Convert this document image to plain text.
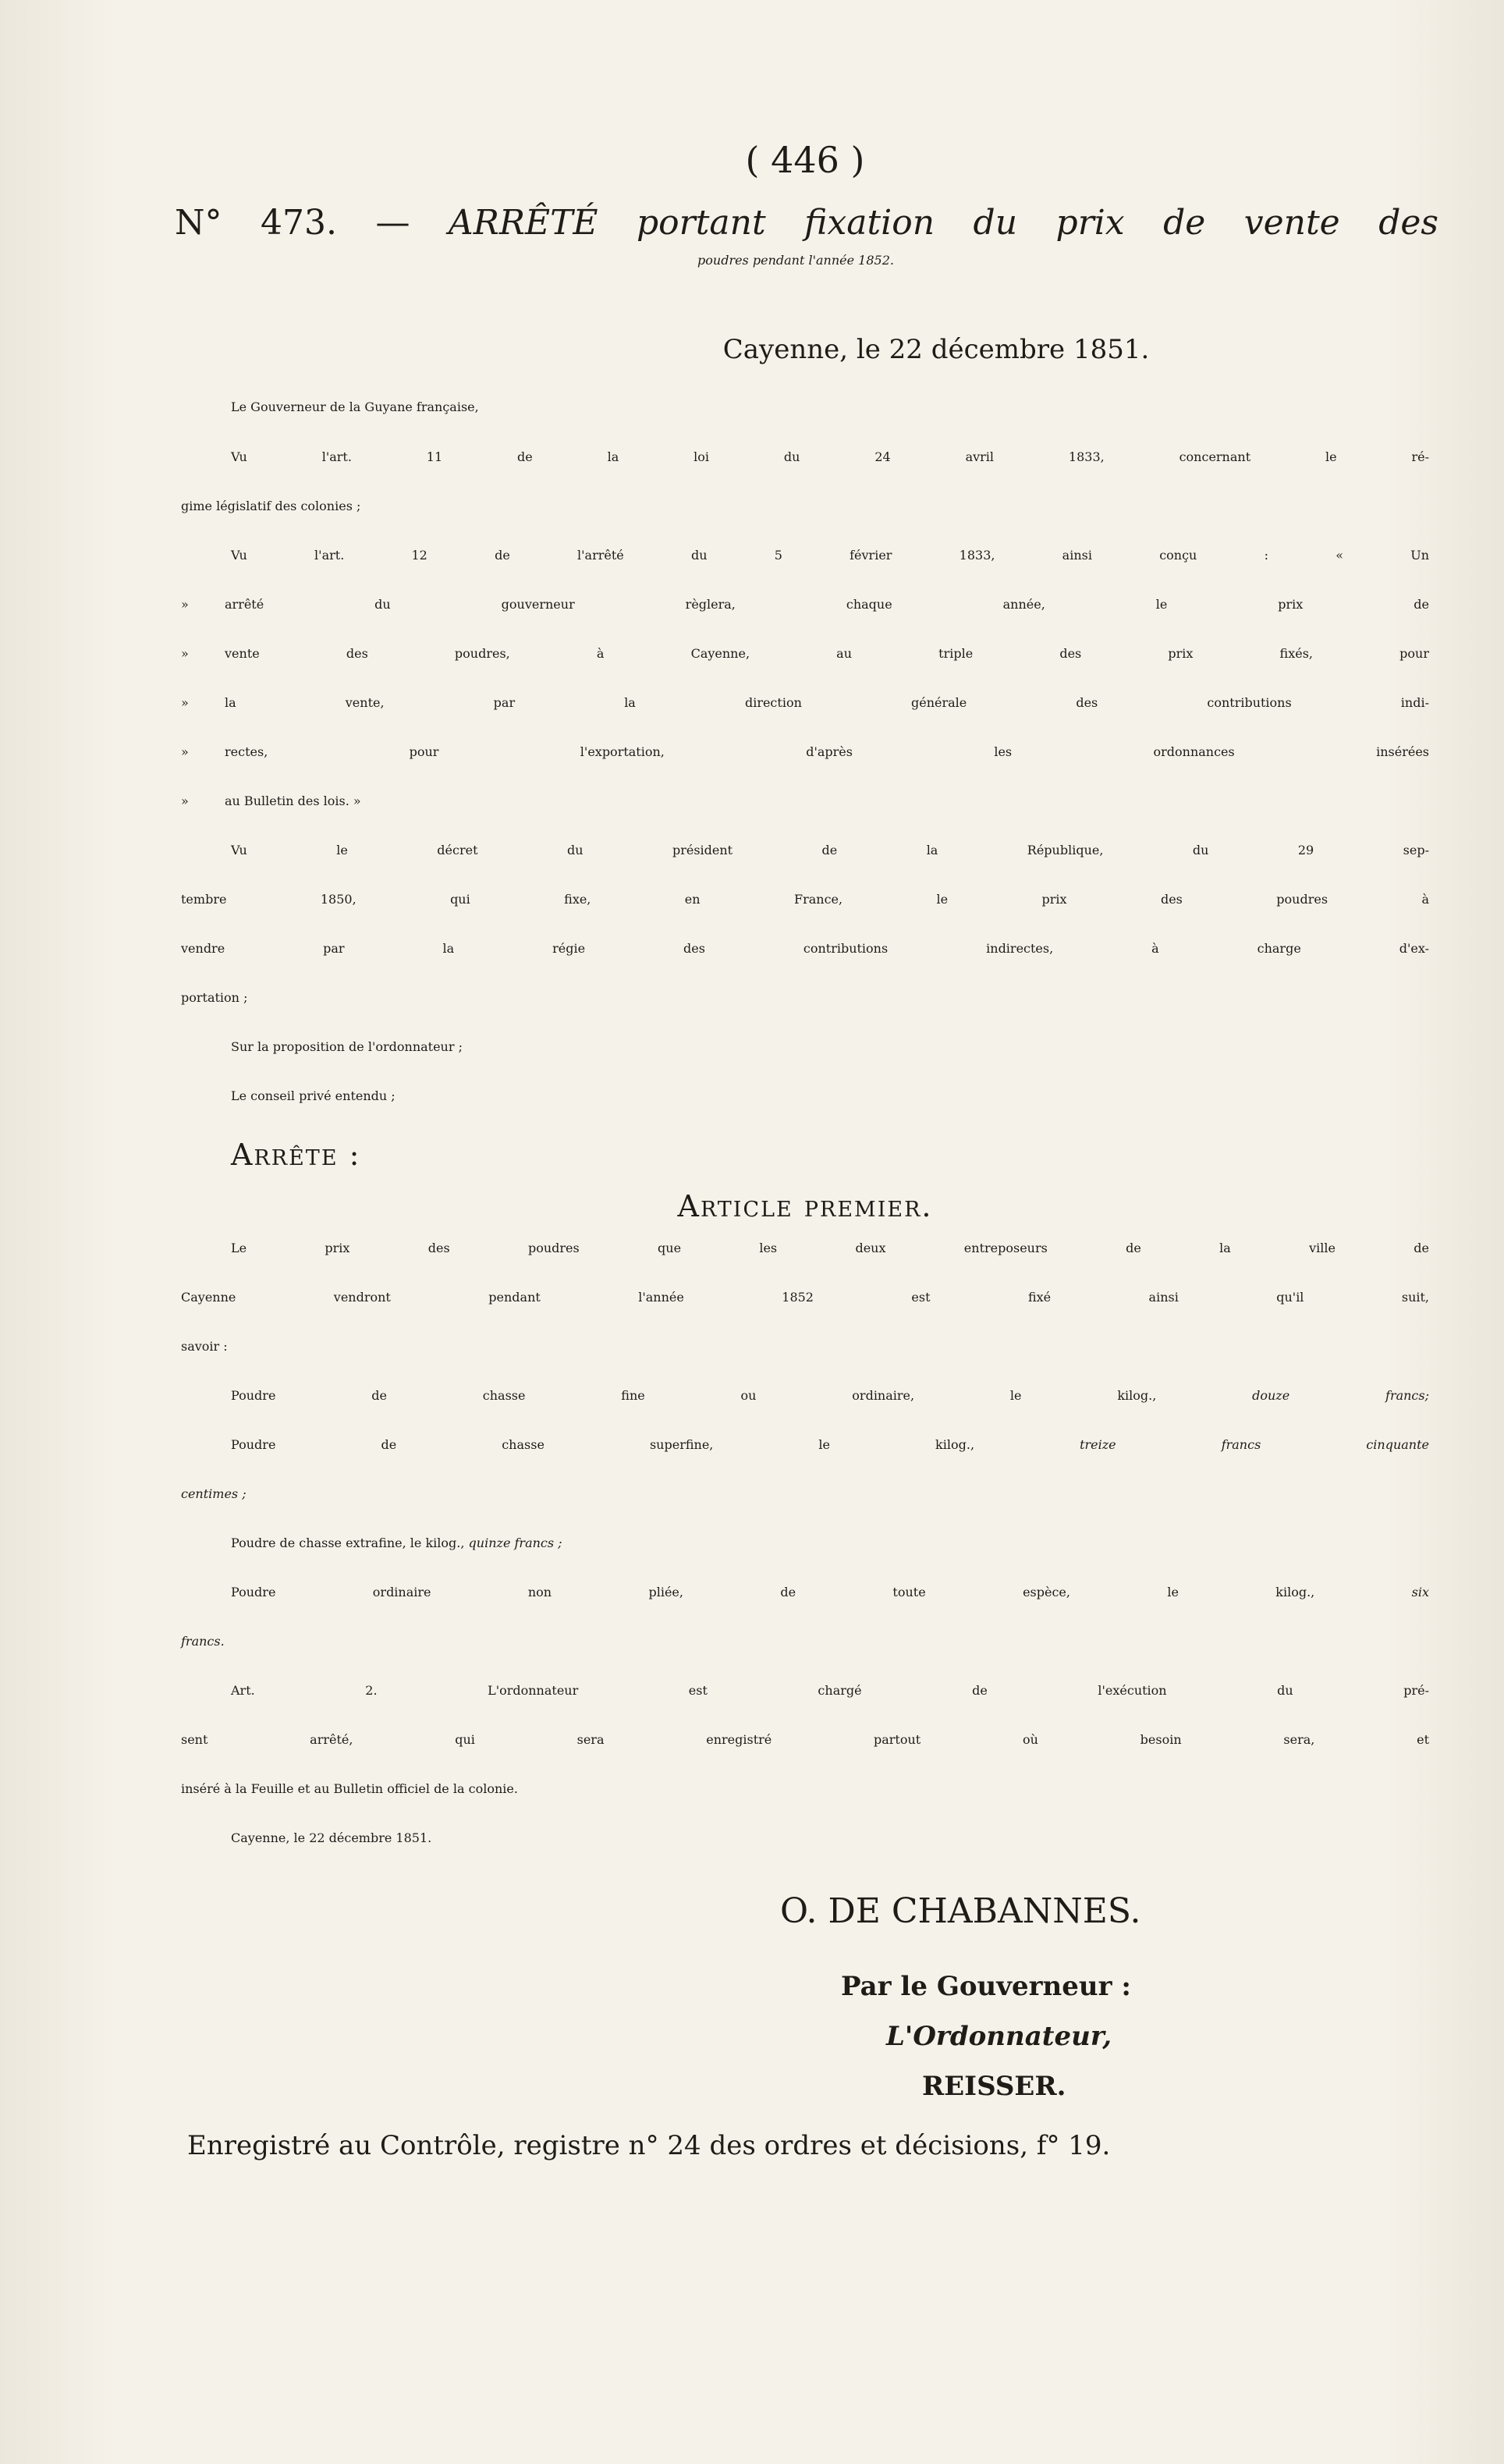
( 446 )
N° 473. — ARRÊTÉ portant fixation du prix de vente des
poudres pendant l'année 1852.
Cayenne, le 22 décembre 1851.
Le Gouverneur de la Guyane française,
Vu l'art. 11 de la loi du 24 avril 1833, concernant le ré-
gime législatif des colonies ;
Vu l'art. 12 de l'arrêté du 5 février 1833, ainsi conçu : « Un
»	arrêté du gouverneur règlera, chaque année, le prix de
»	vente des poudres, à Cayenne, au triple des prix fixés, pour
»	la vente, par la direction générale des contributions indi-
»	rectes, pour l'exportation, d'après les ordonnances insérées
»	au Bulletin des lois. »
Vu le décret du président de la République, du 29 sep-
tembre 1850, qui fixe, en France, le prix des poudres à
vendre par la régie des contributions indirectes, à charge d'ex-
portation ;
Sur la proposition de l'ordonnateur ;
Le conseil privé entendu ;
Arrête :
Article premier.
Le prix des poudres que les deux entreposeurs de la ville de
Cayenne vendront pendant l'année 1852 est fixé ainsi qu'il suit,
savoir :
Poudre de chasse fine ou ordinaire, le kilog., douze francs;
Poudre de chasse superfine, le kilog., treize francs cinquante
centimes ;
Poudre de chasse extrafine, le kilog., quinze francs ;
Poudre ordinaire non pliée, de toute espèce, le kilog., six
francs.
Art. 2. L'ordonnateur est chargé de l'exécution du pré-
sent arrêté, qui sera enregistré partout où besoin sera, et
inséré à la Feuille et au Bulletin officiel de la colonie.
Cayenne, le 22 décembre 1851.
O. DE CHABANNES.
Par le Gouverneur :
L'Ordonnateur,
REISSER.
Enregistré au Contrôle, registre n° 24 des ordres et décisions, f° 19.
